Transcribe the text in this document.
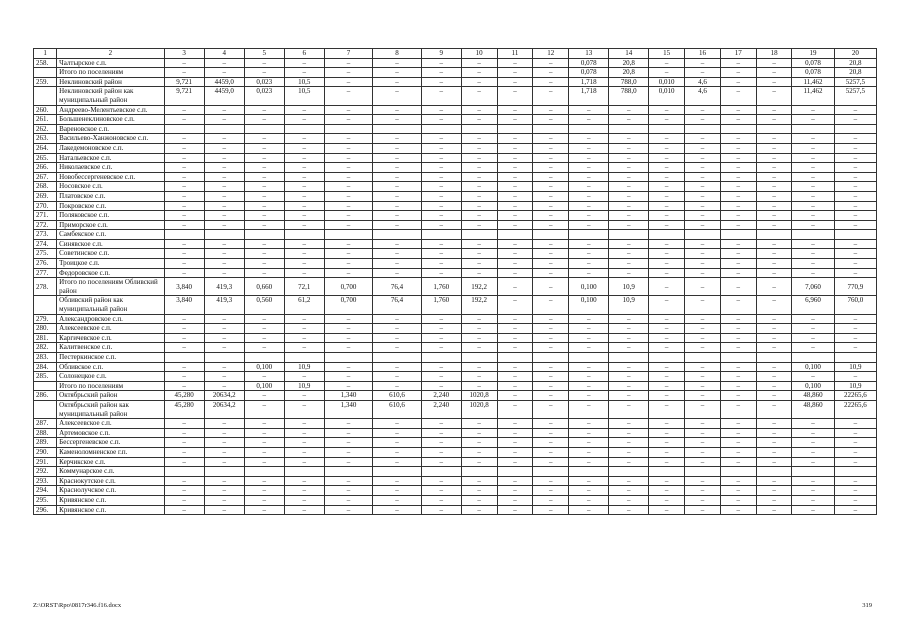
1	2	3	4	5	6	7	8	9	10	11	12	13	14	15	16	17	18	19	20
258.	Чалтырское с.п.	–	–	–	–	–	–	–	–	–	–	0,078	20,8	–	–	–	–	0,078	20,8
	Итого по поселениям	–	–	–	–	–	–	–	–	–	–	0,078	20,8	–	–	–	–	0,078	20,8
259.	Неклиновский район	9,721	4459,0	0,023	10,5	–	–	–	–	–	–	1,718	788,0	0,010	4,6	–	–	11,462	5257,5
	Неклиновский район как муниципальный район	9,721	4459,0	0,023	10,5	–	–	–	–	–	–	1,718	788,0	0,010	4,6	–	–	11,462	5257,5
260.	Андреево-Мелентьевское с.п.	–	–	–	–	–	–	–	–	–	–	–	–	–	–	–	–	–	–
261.	Большенеклиновское с.п.	–	–	–	–	–	–	–	–	–	–	–	–	–	–	–	–	–	–
262.	Вареновское с.п.																		
263.	Васильево-Ханжоновское с.п.	–	–	–	–	–	–	–	–	–	–	–	–	–	–	–	–	–	–
264.	Лакедемоновское с.п.	–	–	–	–	–	–	–	–	–	–	–	–	–	–	–	–	–	–
265.	Натальевское с.п.	–	–	–	–	–	–	–	–	–	–	–	–	–	–	–	–	–	–
266.	Николаевское с.п.	–	–	–	–	–	–	–	–	–	–	–	–	–	–	–	–	–	–
267.	Новобессергеневское с.п.	–	–	–	–	–	–	–	–	–	–	–	–	–	–	–	–	–	–
268.	Носовское с.п.	–	–	–	–	–	–	–	–	–	–	–	–	–	–	–	–	–	–
269.	Платовское с.п.	–	–	–	–	–	–	–	–	–	–	–	–	–	–	–	–	–	–
270.	Покровское с.п.	–	–	–	–	–	–	–	–	–	–	–	–	–	–	–	–	–	–
271.	Поляковское с.п.	–	–	–	–	–	–	–	–	–	–	–	–	–	–	–	–	–	–
272.	Приморское с.п.	–	–	–	–	–	–	–	–	–	–	–	–	–	–	–	–	–	–
273.	Самбекское с.п.																		
274.	Синявское с.п.	–	–	–	–	–	–	–	–	–	–	–	–	–	–	–	–	–	–
275.	Советинское с.п.	–	–	–	–	–	–	–	–	–	–	–	–	–	–	–	–	–	–
276.	Троицкое с.п.	–	–	–	–	–	–	–	–	–	–	–	–	–	–	–	–	–	–
277.	Федоровское с.п.	–	–	–	–	–	–	–	–	–	–	–	–	–	–	–	–	–	–
278.	Итого по поселениям Обливский район	3,840	419,3	0,660	72,1	0,700	76,4	1,760	192,2	–	–	0,100	10,9	–	–	–	–	7,060	770,9
	Обливский район как муниципальный район	3,840	419,3	0,560	61,2	0,700	76,4	1,760	192,2	–	–	0,100	10,9	–	–	–	–	6,960	760,0
279.	Александровское с.п.	–	–	–	–	–	–	–	–	–	–	–	–	–	–	–	–	–	–
280.	Алексеевское с.п.	–	–	–	–	–	–	–	–	–	–	–	–	–	–	–	–	–	–
281.	Каргичевское с.п.	–	–	–	–	–	–	–	–	–	–	–	–	–	–	–	–	–	–
282.	Калитвенское с.п.	–	–	–	–	–	–	–	–	–	–	–	–	–	–	–	–	–	–
283.	Пестеркинское с.п.																		
284.	Обливское с.п.	–	–	0,100	10,9	–	–	–	–	–	–	–	–	–	–	–	–	0,100	10,9
285.	Солонецкое с.п.	–	–	–	–	–	–	–	–	–	–	–	–	–	–	–	–	–	–
	Итого по поселениям	–	–	0,100	10,9	–	–	–	–	–	–	–	–	–	–	–	–	0,100	10,9
286.	Октябрьский район	45,280	20634,2	–	–	1,340	610,6	2,240	1020,8	–	–	–	–	–	–	–	–	48,860	22265,6
	Октябрьский район как муниципальный район	45,280	20634,2	–	–	1,340	610,6	2,240	1020,8	–	–	–	–	–	–	–	–	48,860	22265,6
287.	Алексеевское с.п.	–	–	–	–	–	–	–	–	–	–	–	–	–	–	–	–	–	–
288.	Артемовское с.п.	–	–	–	–	–	–	–	–	–	–	–	–	–	–	–	–	–	–
289.	Бессергеневское с.п.	–	–	–	–	–	–	–	–	–	–	–	–	–	–	–	–	–	–
290.	Каменоломненское г.п.	–	–	–	–	–	–	–	–	–	–	–	–	–	–	–	–	–	–
291.	Керчикское с.п.	–	–	–	–	–	–	–	–	–	–	–	–	–	–	–	–	–	–
292.	Коммунарское с.п.																		
293.	Краснокутское с.п.	–	–	–	–	–	–	–	–	–	–	–	–	–	–	–	–	–	–
294.	Краснолучское с.п.	–	–	–	–	–	–	–	–	–	–	–	–	–	–	–	–	–	–
295.	Кривянское с.п.	–	–	–	–	–	–	–	–	–	–	–	–	–	–	–	–	–	–
296.	Кривянское с.п.	–	–	–	–	–	–	–	–	–	–	–	–	–	–	–	–	–	–
Z:\ORST\Rpo\0817r346.f16.docx	319
